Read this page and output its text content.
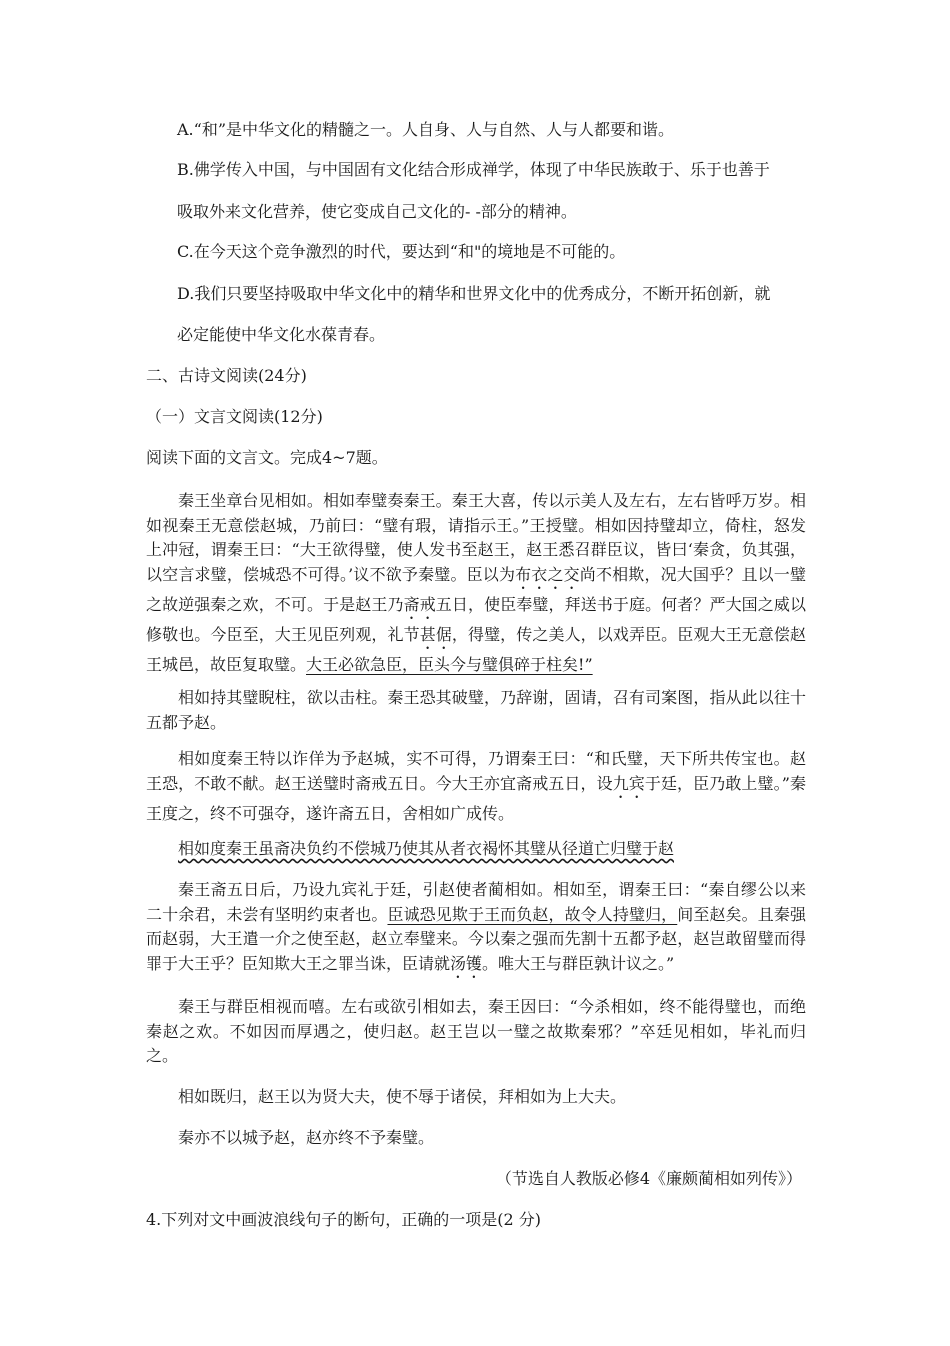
A.“和”是中华文化的精髓之一。人自身、人与自然、人与人都要和谐。
B.佛学传入中国，与中国固有文化结合形成禅学，体现了中华民族敢于、乐于也善于
吸取外来文化营养，使它变成自己文化的- -部分的精神。
C.在今天这个竞争激烈的时代，要达到“和"的境地是不可能的。
D.我们只要坚持吸取中华文化中的精华和世界文化中的优秀成分，不断开拓创新，就
必定能使中华文化水葆青春。
二、古诗文阅读(24分)
（一）文言文阅读(12分)
阅读下面的文言文。完成4~7题。
秦王坐章台见相如。相如奉璧奏秦王。秦王大喜，传以示美人及左右，左右皆呼万岁。相如视秦王无意偿赵城，乃前曰：“璧有瑕，请指示王。”王授璧。相如因持璧却立，倚柱，怒发上冲冠，谓秦王曰：“大王欲得璧，使人发书至赵王，赵王悉召群臣议，皆曰‘秦贪，负其强，以空言求璧，偿城恐不可得。’议不欲予秦璧。臣以为布衣之交尚不相欺，况大国乎？且以一璧之故逆强秦之欢，不可。于是赵王乃斋戒五日，使臣奉璧，拜送书于庭。何者？严大国之威以修敬也。今臣至，大王见臣列观，礼节甚倨，得璧，传之美人，以戏弄臣。臣观大王无意偿赵王城邑，故臣复取璧。大王必欲急臣，臣头今与璧俱碎于柱矣!”
相如持其璧睨柱，欲以击柱。秦王恐其破璧，乃辞谢，固请，召有司案图，指从此以往十五都予赵。
相如度秦王特以诈佯为予赵城，实不可得，乃谓秦王曰：“和氏璧，天下所共传宝也。赵王恐，不敢不献。赵王送璧时斋戒五日。今大王亦宜斋戒五日，设九宾于廷，臣乃敢上璧。”秦王度之，终不可强夺，遂许斋五日，舍相如广成传。
相如度秦王虽斋决负约不偿城乃使其从者衣褐怀其璧从径道亡归璧于赵
秦王斋五日后，乃设九宾礼于廷，引赵使者蔺相如。相如至，谓秦王曰：“秦自缪公以来二十余君，未尝有坚明约束者也。臣诚恐见欺于王而负赵，故令人持璧归，间至赵矣。且秦强而赵弱，大王遣一介之使至赵，赵立奉璧来。今以秦之强而先割十五都予赵，赵岂敢留璧而得罪于大王乎？臣知欺大王之罪当诛，臣请就汤镬。唯大王与群臣孰计议之。”
秦王与群臣相视而嘻。左右或欲引相如去，秦王因曰：“今杀相如，终不能得璧也，而绝秦赵之欢。不如因而厚遇之，使归赵。赵王岂以一璧之故欺秦邪？”卒廷见相如，毕礼而归之。
相如既归，赵王以为贤大夫，使不辱于诸侯，拜相如为上大夫。
秦亦不以城予赵，赵亦终不予秦璧。
（节选自人教版必修4《廉颇蔺相如列传》）
4.下列对文中画波浪线句子的断句，正确的一项是(2 分)
